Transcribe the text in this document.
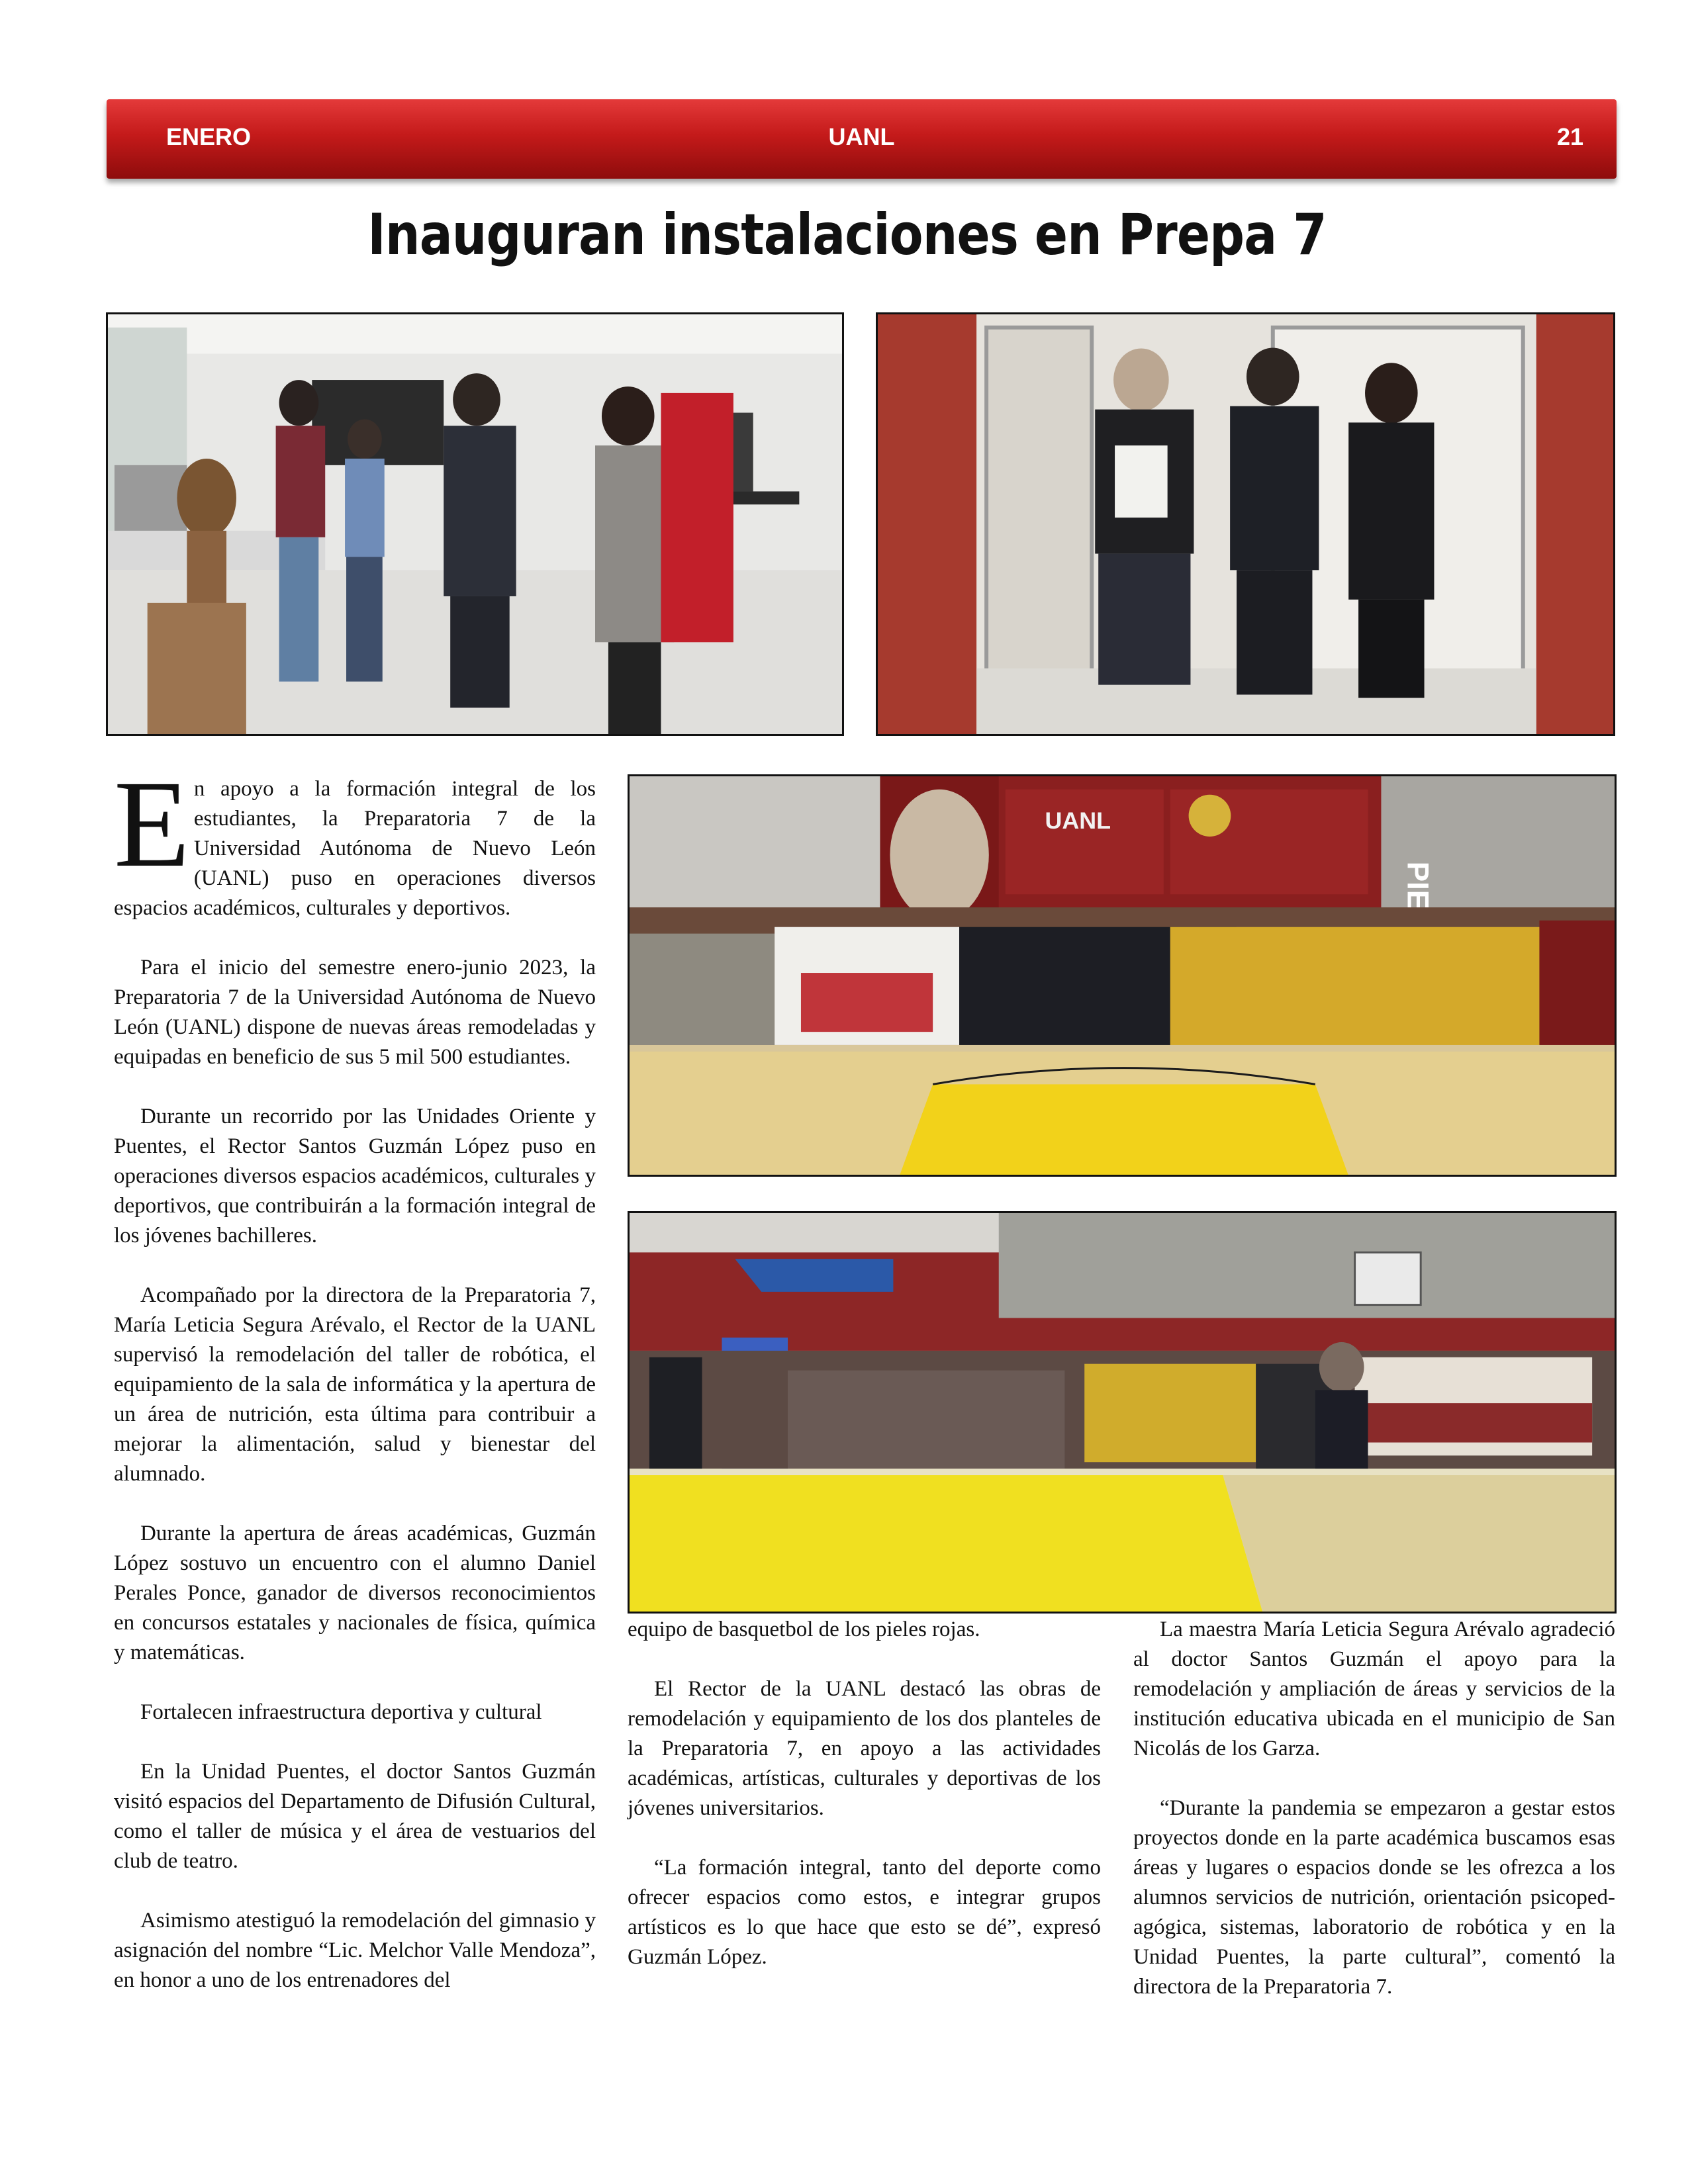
ENERO	UANL	21
Inauguran instalaciones en Prepa 7
UANL

En apoyo a la formación integral de los estudiantes, la Preparatoria 7 de la Universidad Autónoma de Nuevo León (UANL) puso en operaciones diversos espacios académicos, culturales y deportivos.

Para el inicio del semestre enero-junio 2023, la Preparatoria 7 de la Universidad Autónoma de Nuevo León (UANL) dispone de nuevas áreas remodeladas y equipadas en beneficio de sus 5 mil 500 estudiantes.

Durante un recorrido por las Unidades Oriente y Puentes, el Rector Santos Guzmán López puso en operaciones diversos espacios académicos, culturales y deportivos, que contribuirán a la formación integral de los jóvenes bachilleres.

Acompañado por la directora de la Preparatoria 7, María Leticia Segura Arévalo, el Rector de la UANL supervisó la remodelación del taller de robótica, el equipamiento de la sala de informática y la apertura de un área de nutrición, esta última para contribuir a mejorar la alimentación, salud y bienestar del alumnado.

Durante la apertura de áreas académicas, Guzmán López sostuvo un encuentro con el alumno Daniel Perales Ponce, ganador de diversos reconocimientos en concursos estatales y nacionales de física, química y matemáticas.

Fortalecen infraestructura deportiva y cultural

En la Unidad Puentes, el doctor Santos Guzmán visitó espacios del Departamento de Difusión Cultural, como el taller de música y el área de vestuarios del club de teatro.

Asimismo atestiguó la remodelación del gimnasio y asignación del nombre “Lic. Melchor Valle Mendoza”, en honor a uno de los entrenadores del

equipo de basquetbol de los pieles rojas.

El Rector de la UANL destacó las obras de remodelación y equipamiento de los dos planteles de la Preparatoria 7, en apoyo a las actividades académicas, artísticas, culturales y deportivas de los jóvenes universitarios.

“La formación integral, tanto del deporte como ofrecer espacios como estos, e integrar grupos artísticos es lo que hace que esto se dé”, expresó Guzmán López.

La maestra María Leticia Segura Arévalo agradeció al doctor Santos Guzmán el apoyo para la remodelación y ampliación de áreas y servicios de la institución educativa ubicada en el municipio de San Nicolás de los Garza.

“Durante la pandemia se empezaron a gestar estos proyectos donde en la parte académica buscamos esas áreas y lugares o espacios donde se les ofrezca a los alumnos servicios de nutrición, orientación psicoped-agógica, sistemas, laboratorio de robótica y en la Unidad Puentes, la parte cultural”, comentó la directora de la Preparatoria 7.
